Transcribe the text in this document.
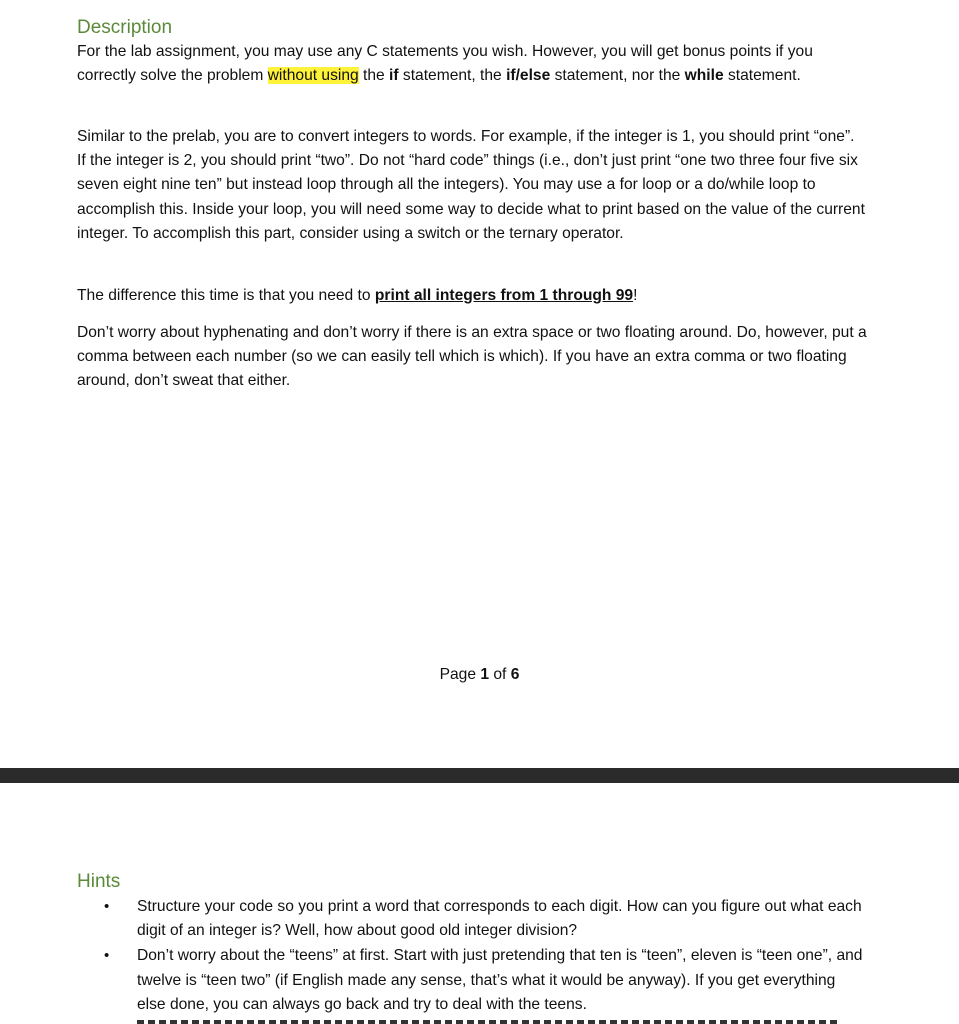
Description

For the lab assignment, you may use any C statements you wish. However, you will get bonus points if you correctly solve the problem without using the if statement, the if/else statement, nor the while statement.

Similar to the prelab, you are to convert integers to words. For example, if the integer is 1, you should print “one”. If the integer is 2, you should print “two”. Do not “hard code” things (i.e., don’t just print “one two three four five six seven eight nine ten” but instead loop through all the integers). You may use a for loop or a do/while loop to accomplish this. Inside your loop, you will need some way to decide what to print based on the value of the current integer. To accomplish this part, consider using a switch or the ternary operator.

The difference this time is that you need to print all integers from 1 through 99!

Don’t worry about hyphenating and don’t worry if there is an extra space or two floating around. Do, however, put a comma between each number (so we can easily tell which is which). If you have an extra comma or two floating around, don’t sweat that either.

Page 1 of 6
Hints
• Structure your code so you print a word that corresponds to each digit. How can you figure out what each digit of an integer is? Well, how about good old integer division?
• Don’t worry about the “teens” at first. Start with just pretending that ten is “teen”, eleven is “teen one”, and twelve is “teen two” (if English made any sense, that’s what it would be anyway). If you get everything else done, you can always go back and try to deal with the teens.
